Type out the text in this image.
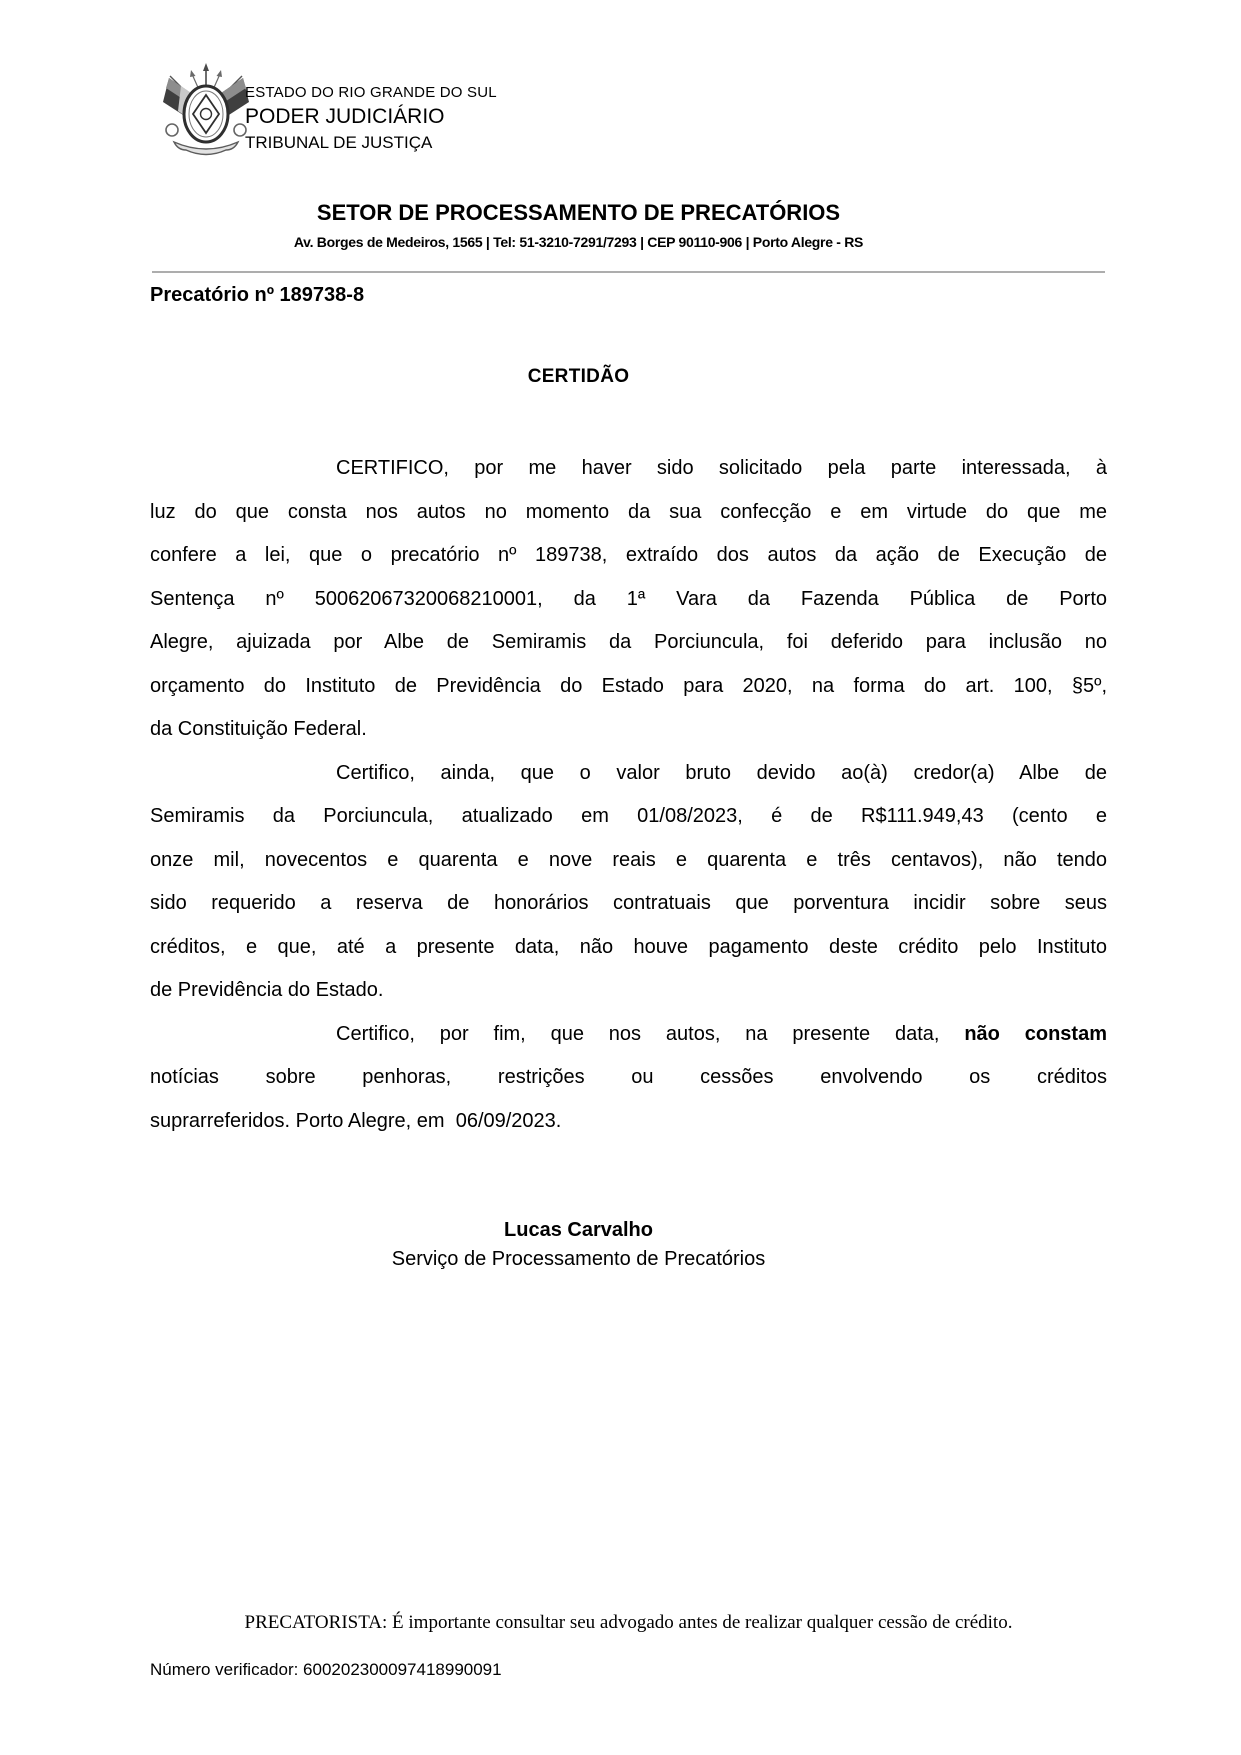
ESTADO DO RIO GRANDE DO SUL
PODER JUDICIÁRIO
TRIBUNAL DE JUSTIÇA
SETOR DE PROCESSAMENTO DE PRECATÓRIOS
Av. Borges de Medeiros, 1565 | Tel: 51-3210-7291/7293 | CEP 90110-906 | Porto Alegre - RS
Precatório nº 189738-8
CERTIDÃO
CERTIFICO, por me haver sido solicitado pela parte interessada, à
luz do que consta nos autos no momento da sua confecção e em virtude do que me
confere a lei, que o precatório nº 189738, extraído dos autos da ação de Execução de
Sentença nº 50062067320068210001, da 1ª Vara da Fazenda Pública de Porto
Alegre, ajuizada por Albe de Semiramis da Porciuncula, foi deferido para inclusão no
orçamento do Instituto de Previdência do Estado para 2020, na forma do art. 100, §5º,
da Constituição Federal.
Certifico, ainda, que o valor bruto devido ao(à) credor(a) Albe de
Semiramis da Porciuncula, atualizado em 01/08/2023, é de R$111.949,43 (cento e
onze mil, novecentos e quarenta e nove reais e quarenta e três centavos), não tendo
sido requerido a reserva de honorários contratuais que porventura incidir sobre seus
créditos, e que, até a presente data, não houve pagamento deste crédito pelo Instituto
de Previdência do Estado.
Certifico, por fim, que nos autos, na presente data, não constam
notícias sobre penhoras, restrições ou cessões envolvendo os créditos
suprarreferidos. Porto Alegre, em  06/09/2023.
Lucas Carvalho
Serviço de Processamento de Precatórios
PRECATORISTA: É importante consultar seu advogado antes de realizar qualquer cessão de crédito.
Número verificador: 600202300097418990091
